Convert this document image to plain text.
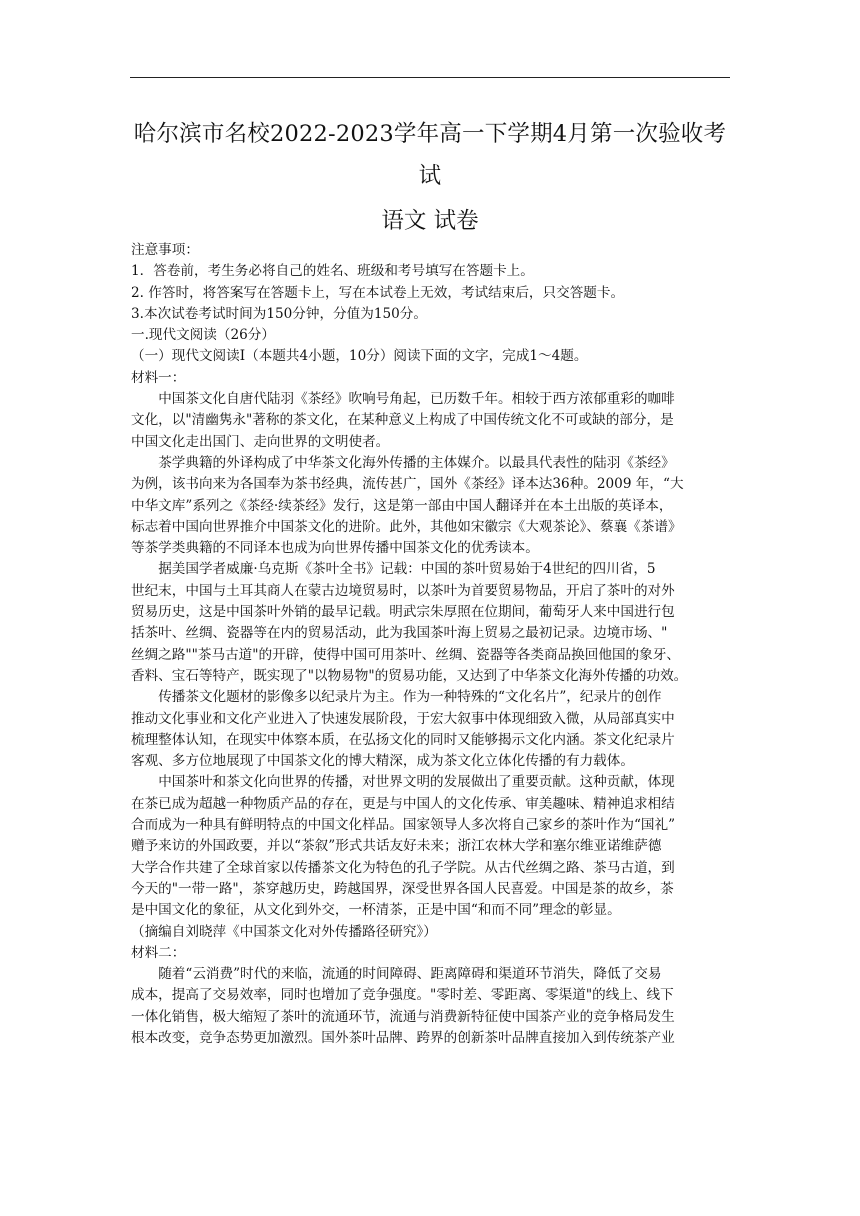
哈尔滨市名校2022-2023学年高一下学期4月第一次验收考
试
语文 试卷
注意事项：
1．答卷前，考生务必将自己的姓名、班级和考号填写在答题卡上。
2. 作答时，将答案写在答题卡上，写在本试卷上无效，考试结束后，只交答题卡。
3.本次试卷考试时间为150分钟，分值为150分。
一.现代文阅读（26分）
（一）现代文阅读Ⅰ（本题共4小题，10分）阅读下面的文字，完成1～4题。
材料一：
中国茶文化自唐代陆羽《茶经》吹响号角起，已历数千年。相较于西方浓郁重彩的咖啡
文化，以"清幽隽永"著称的茶文化，在某种意义上构成了中国传统文化不可或缺的部分，是
中国文化走出国门、走向世界的文明使者。
茶学典籍的外译构成了中华茶文化海外传播的主体媒介。以最具代表性的陆羽《茶经》
为例，该书向来为各国奉为茶书经典，流传甚广，国外《茶经》译本达36种。2009 年，“大
中华文库”系列之《茶经·续茶经》发行，这是第一部由中国人翻译并在本土出版的英译本，
标志着中国向世界推介中国茶文化的进阶。此外，其他如宋徽宗《大观茶论》、蔡襄《茶谱》
等茶学类典籍的不同译本也成为向世界传播中国茶文化的优秀读本。
据美国学者威廉·乌克斯《茶叶全书》记载：中国的茶叶贸易始于4世纪的四川省，5
世纪末，中国与土耳其商人在蒙古边境贸易时，以茶叶为首要贸易物品，开启了茶叶的对外
贸易历史，这是中国茶叶外销的最早记载。明武宗朱厚照在位期间，葡萄牙人来中国进行包
括茶叶、丝绸、瓷器等在内的贸易活动，此为我国茶叶海上贸易之最初记录。边境市场、"
丝绸之路""茶马古道"的开辟，使得中国可用茶叶、丝绸、瓷器等各类商品换回他国的象牙、
香料、宝石等特产，既实现了"以物易物"的贸易功能，又达到了中华茶文化海外传播的功效。
传播茶文化题材的影像多以纪录片为主。作为一种特殊的“文化名片”，纪录片的创作
推动文化事业和文化产业进入了快速发展阶段，于宏大叙事中体现细致入微，从局部真实中
梳理整体认知，在现实中体察本质，在弘扬文化的同时又能够揭示文化内涵。茶文化纪录片
客观、多方位地展现了中国茶文化的博大精深，成为茶文化立体化传播的有力载体。
中国茶叶和茶文化向世界的传播，对世界文明的发展做出了重要贡献。这种贡献，体现
在茶已成为超越一种物质产品的存在，更是与中国人的文化传承、审美趣味、精神追求相结
合而成为一种具有鲜明特点的中国文化样品。国家领导人多次将自己家乡的茶叶作为“国礼”
赠予来访的外国政要，并以“茶叙”形式共话友好未来；浙江农林大学和塞尔维亚诺维萨德
大学合作共建了全球首家以传播茶文化为特色的孔子学院。从古代丝绸之路、茶马古道，到
今天的"一带一路"，茶穿越历史，跨越国界，深受世界各国人民喜爱。中国是茶的故乡，茶
是中国文化的象征，从文化到外交，一杯清茶，正是中国“和而不同”理念的彰显。
（摘编自刘晓萍《中国茶文化对外传播路径研究》）
材料二：
随着“云消费”时代的来临，流通的时间障碍、距离障碍和渠道环节消失，降低了交易
成本，提高了交易效率，同时也增加了竞争强度。"零时差、零距离、零渠道"的线上、线下
一体化销售，极大缩短了茶叶的流通环节，流通与消费新特征使中国茶产业的竞争格局发生
根本改变，竞争态势更加激烈。国外茶叶品牌、跨界的创新茶叶品牌直接加入到传统茶产业
